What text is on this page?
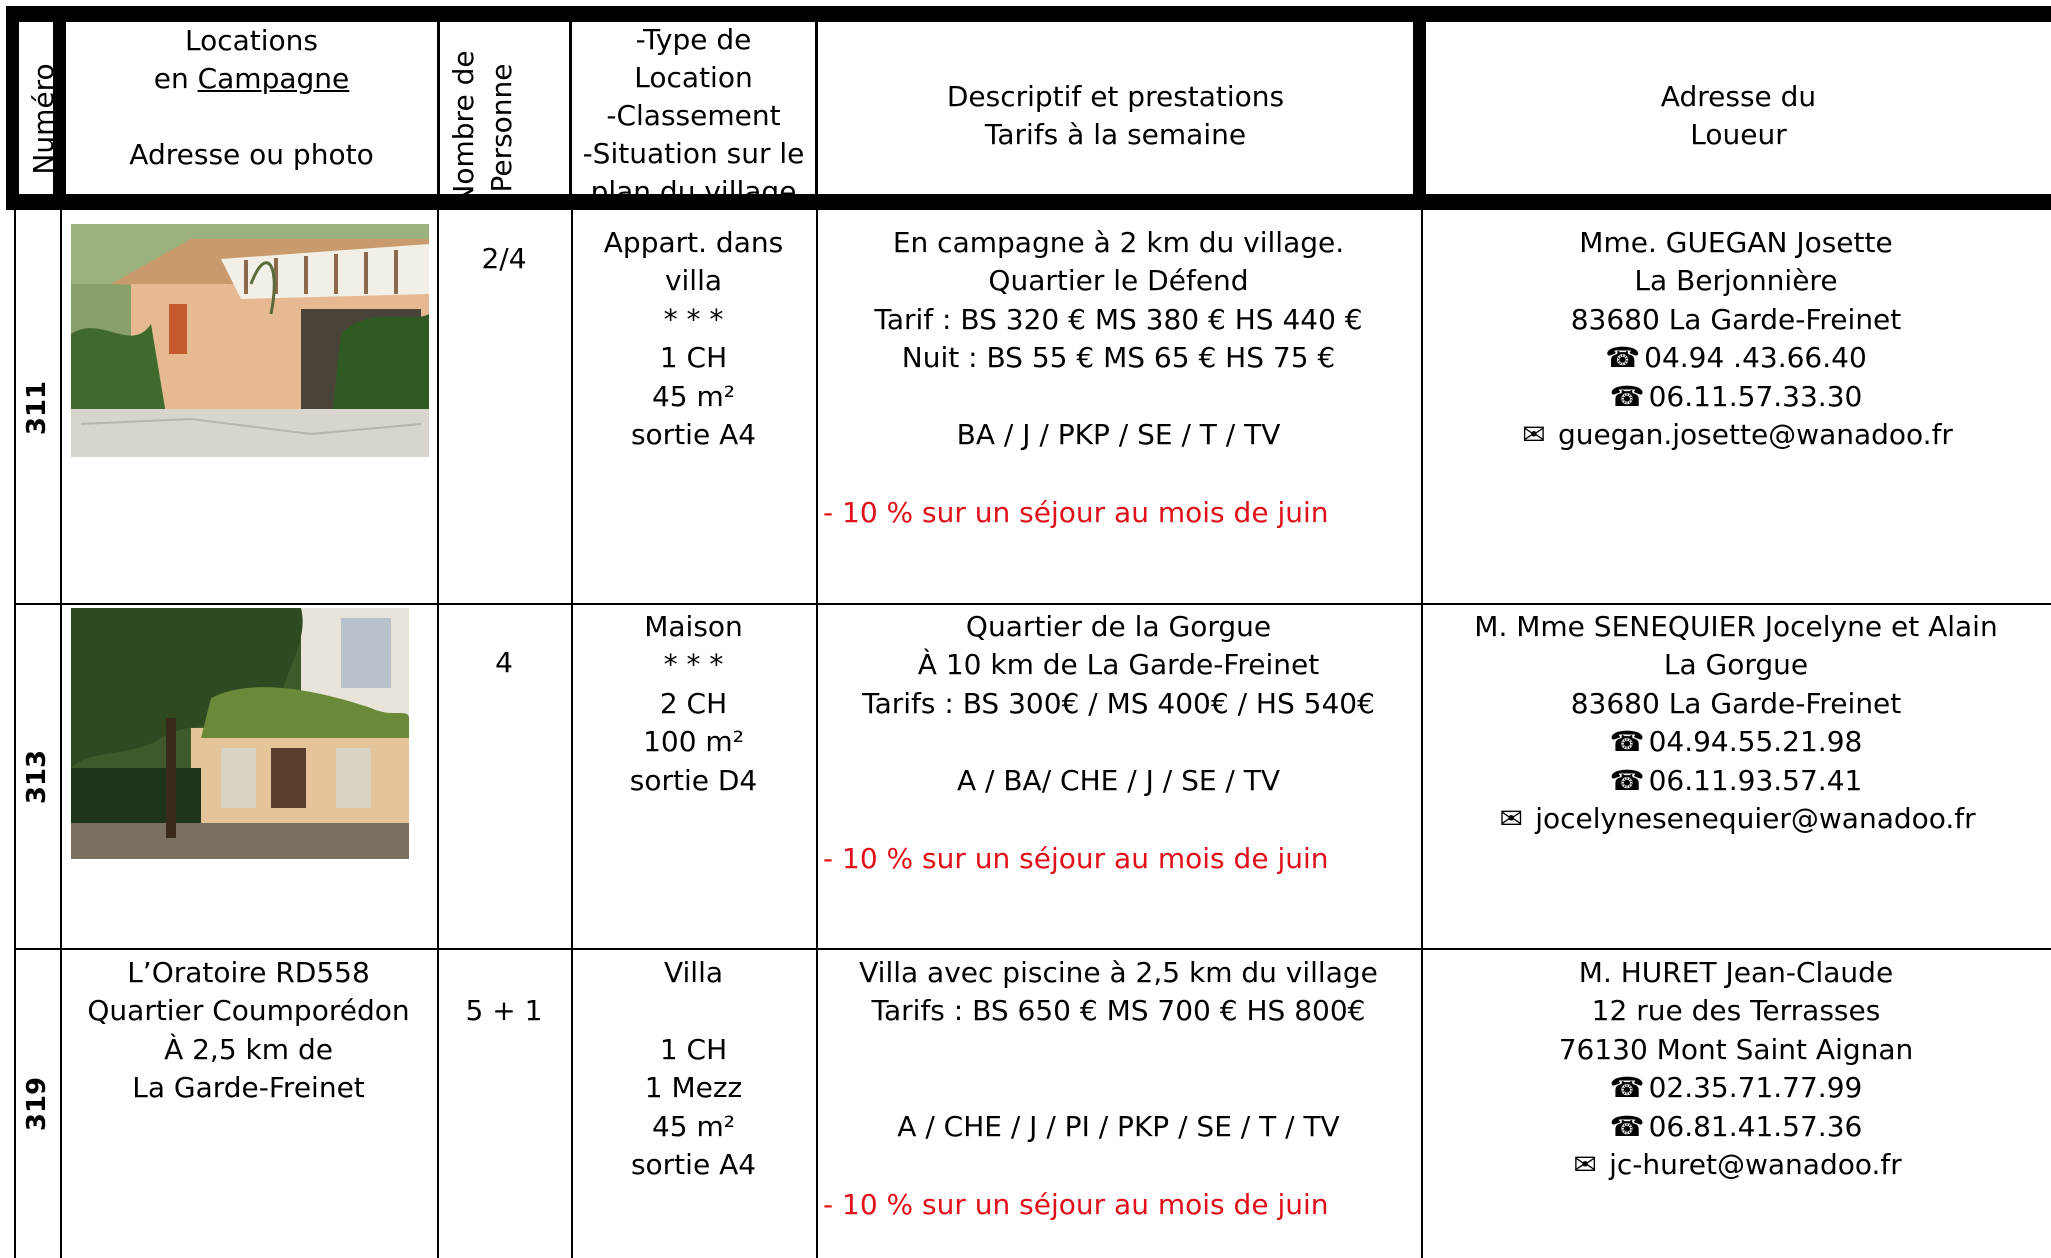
Numéro
Locations
en Campagne
Adresse ou photo	Nombre de Personne
-Type de
Location
-Classement
-Situation sur le
plan du village
Descriptif et prestations
Tarifs à la semaine
Adresse du
Loueur
311
2/4	Appart. dans
villa
* * *
1 CH
45 m²
sortie A4
En campagne à 2 km du village.
Quartier le Défend
Tarif : BS 320 € MS 380 € HS 440 €
Nuit : BS 55 € MS 65 € HS 75 €
BA / J / PKP / SE / T / TV
- 10 % sur un séjour au mois de juin
Mme. GUEGAN Josette
La Berjonnière
83680 La Garde-Freinet
☎ 04.94 .43.66.40
☎ 06.11.57.33.30
✉ guegan.josette@wanadoo.fr
313
4
Maison
* * *
2 CH
100 m²
sortie D4
Quartier de la Gorgue
À 10 km de La Garde-Freinet
Tarifs : BS 300€ / MS 400€ / HS 540€
A / BA/ CHE / J / SE / TV
- 10 % sur un séjour au mois de juin
M. Mme SENEQUIER Jocelyne et Alain
La Gorgue
83680 La Garde-Freinet
☎ 04.94.55.21.98
☎ 06.11.93.57.41
✉ jocelynesenequier@wanadoo.fr
319
L’Oratoire RD558
Quartier Coumporédon
À 2,5 km de
La Garde-Freinet
5 + 1
Villa
1 CH
1 Mezz
45 m²
sortie A4
Villa avec piscine à 2,5 km du village
Tarifs : BS 650 € MS 700 € HS 800€
A / CHE / J / PI / PKP / SE / T / TV
- 10 % sur un séjour au mois de juin
M. HURET Jean-Claude
12 rue des Terrasses
76130 Mont Saint Aignan
☎ 02.35.71.77.99
☎ 06.81.41.57.36
✉ jc-huret@wanadoo.fr
